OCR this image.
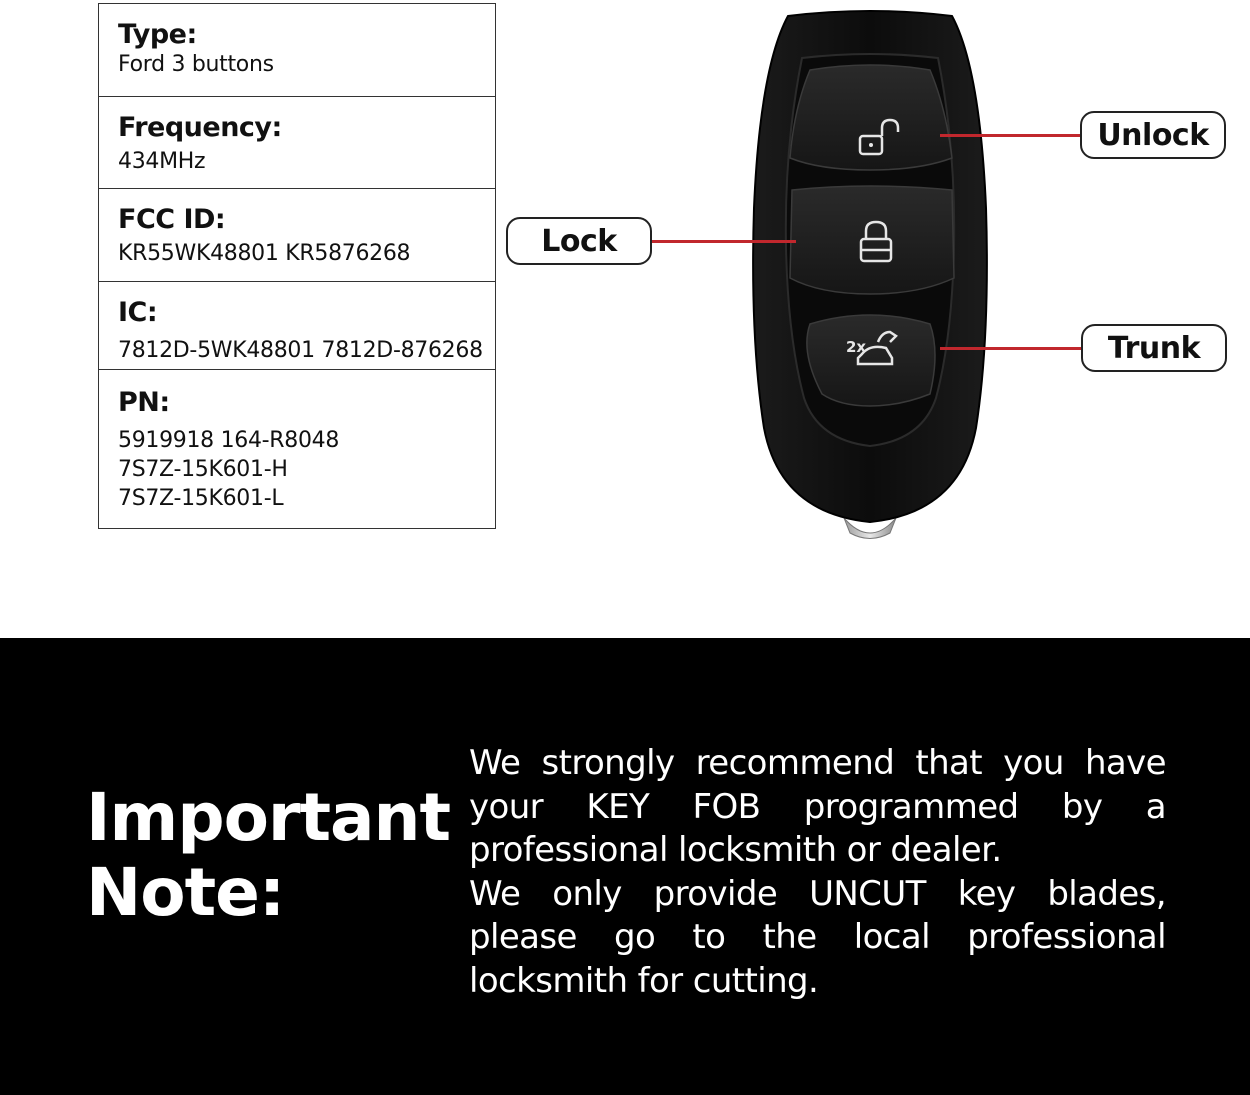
Type:
Ford 3 buttons
Frequency:
434MHz
FCC ID:
KR55WK48801 KR5876268
IC:
7812D-5WK48801 7812D-876268
PN:
5919918 164-R8048
7S7Z-15K601-H
7S7Z-15K601-L
2x
Unlock
Lock
Trunk
Important
Note:

We strongly recommend that you have your KEY FOB programmed by a professional locksmith or dealer.

We only provide UNCUT key blades, please go to the local professional locksmith for cutting.
